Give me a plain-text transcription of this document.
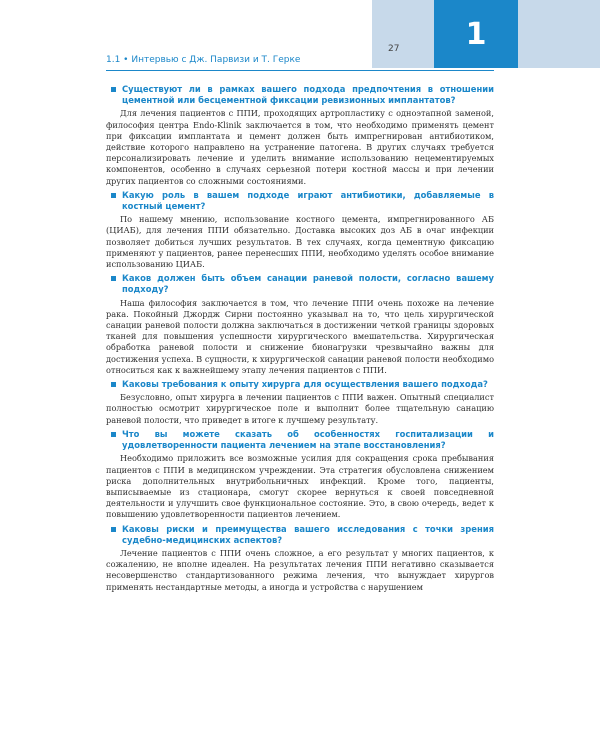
1
27
1.1 • Интервью с Дж. Парвизи и Т. Герке
Существуют ли в рамках вашего подхода предпочтения в отношении цементной или бесцементной фиксации ревизионных имплантатов?

Для лечения пациентов с ППИ, проходящих артропластику с одноэтапной заменой, философия центра Endo-Klinik заключается в том, что необходимо применять цемент при фиксации имплантата и цемент должен быть импрегнирован антибиотиком, действие которого направлено на устранение патогена. В других случаях требуется персонализировать лечение и уделить внимание использованию нецементируемых компонентов, особенно в случаях серьезной потери костной массы и при лечении других пациентов со сложными состояниями.

Какую роль в вашем подходе играют антибиотики, добавляемые в костный цемент?

По нашему мнению, использование костного цемента, импрегнированного АБ (ЦИАБ), для лечения ППИ обязательно. Доставка высоких доз АБ в очаг инфекции позволяет добиться лучших результатов. В тех случаях, когда цементную фиксацию применяют у пациентов, ранее перенесших ППИ, необходимо уделять особое внимание использованию ЦИАБ.

Каков должен быть объем санации раневой полости, согласно вашему подходу?

Наша философия заключается в том, что лечение ППИ очень похоже на лечение рака. Покойный Джордж Сирни постоянно указывал на то, что цель хирургической санации раневой полости должна заключаться в достижении четкой границы здоровых тканей для повышения успешности хирургического вмешательства. Хирургическая обработка раневой полости и снижение бионагрузки чрезвычайно важны для достижения успеха. В сущности, к хирургической санации раневой полости необходимо относиться как к важнейшему этапу лечения пациентов с ППИ.

Каковы требования к опыту хирурга для осуществления вашего подхода?

Безусловно, опыт хирурга в лечении пациентов с ППИ важен. Опытный специалист полностью осмотрит хирургическое поле и выполнит более тщательную санацию раневой полости, что приведет в итоге к лучшему результату.

Что вы можете сказать об особенностях госпитализации и удовлетворенности пациента лечением на этапе восстановления?

Необходимо приложить все возможные усилия для сокращения срока пребывания пациентов с ППИ в медицинском учреждении. Эта стратегия обусловлена снижением риска дополнительных внутрибольничных инфекций. Кроме того, пациенты, выписываемые из стационара, смогут скорее вернуться к своей повседневной деятельности и улучшить свое функциональное состояние. Это, в свою очередь, ведет к повышению удовлетворенности пациентов лечением.

Каковы риски и преимущества вашего исследования с точки зрения судебно-медицинских аспектов?

Лечение пациентов с ППИ очень сложное, а его результат у многих пациентов, к сожалению, не вполне идеален. На результатах лечения ППИ негативно сказывается несовершенство стандартизованного режима лечения, что вынуждает хирургов применять нестандартные методы, а иногда и устройства с нарушением
